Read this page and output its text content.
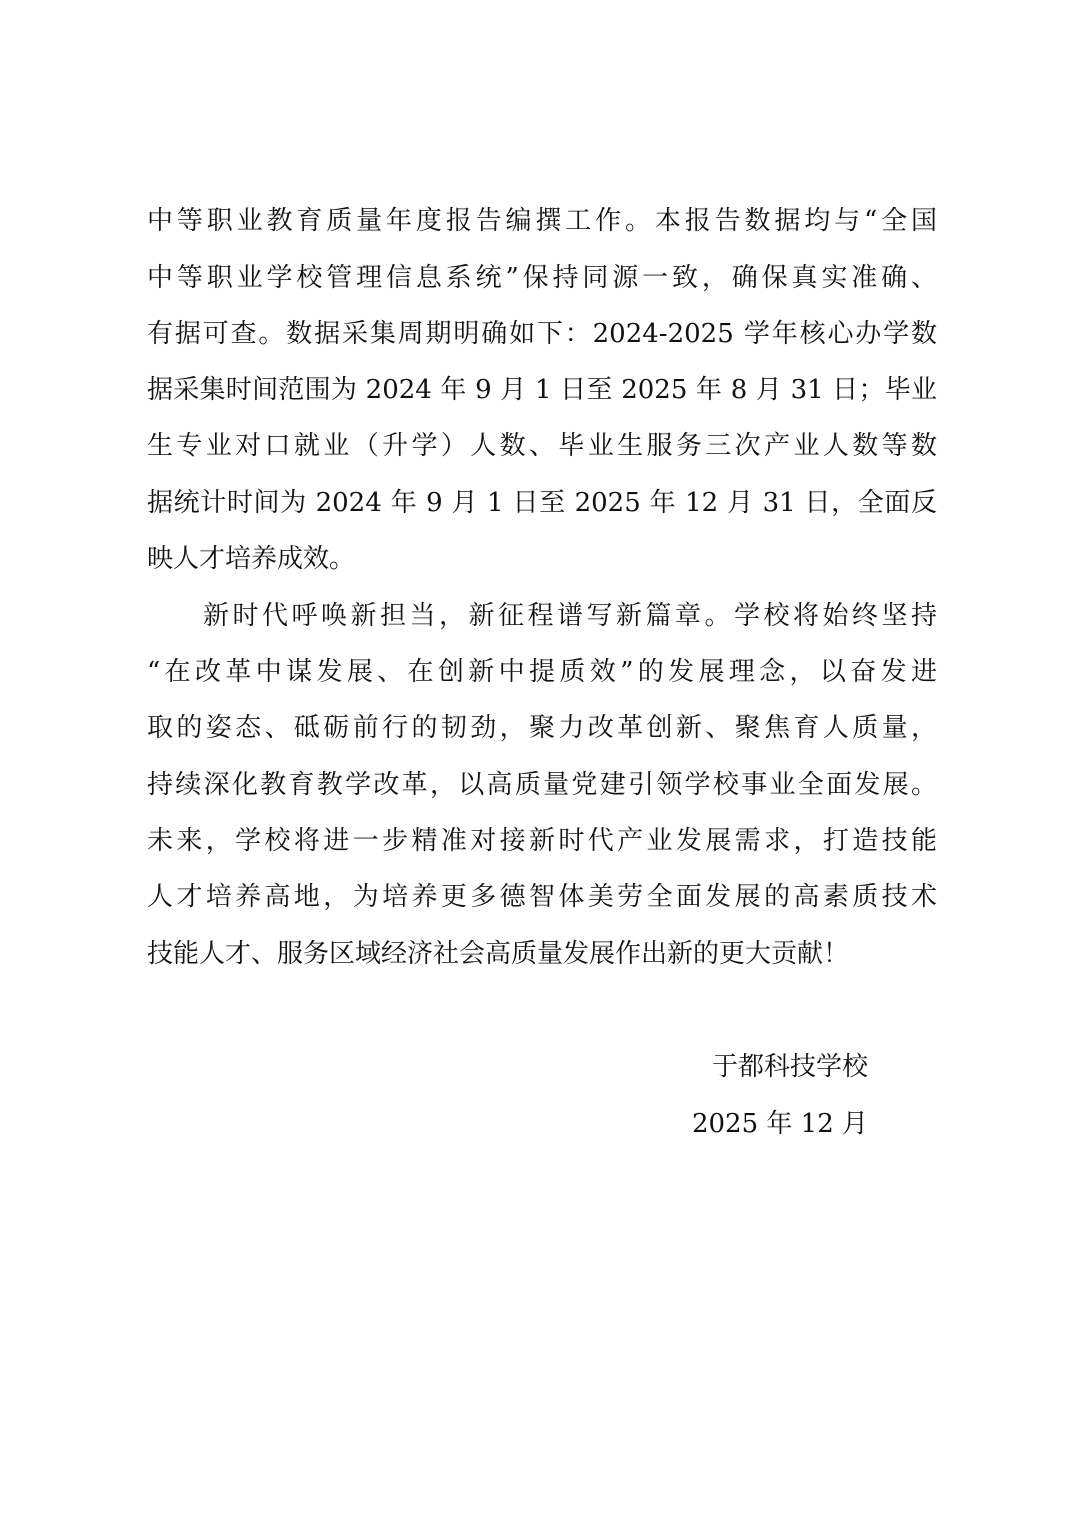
中等职业教育质量年度报告编撰工作。本报告数据均与“全国
中等职业学校管理信息系统”保持同源一致，确保真实准确、
有据可查。数据采集周期明确如下：2024-2025 学年核心办学数
据采集时间范围为 2024 年 9 月 1 日至 2025 年 8 月 31 日；毕业
生专业对口就业（升学）人数、毕业生服务三次产业人数等数
据统计时间为 2024 年 9 月 1 日至 2025 年 12 月 31 日，全面反
映人才培养成效。
新时代呼唤新担当，新征程谱写新篇章。学校将始终坚持
“在改革中谋发展、在创新中提质效”的发展理念，以奋发进
取的姿态、砥砺前行的韧劲，聚力改革创新、聚焦育人质量，
持续深化教育教学改革，以高质量党建引领学校事业全面发展。
未来，学校将进一步精准对接新时代产业发展需求，打造技能
人才培养高地，为培养更多德智体美劳全面发展的高素质技术
技能人才、服务区域经济社会高质量发展作出新的更大贡献！
于都科技学校
2025 年 12 月
